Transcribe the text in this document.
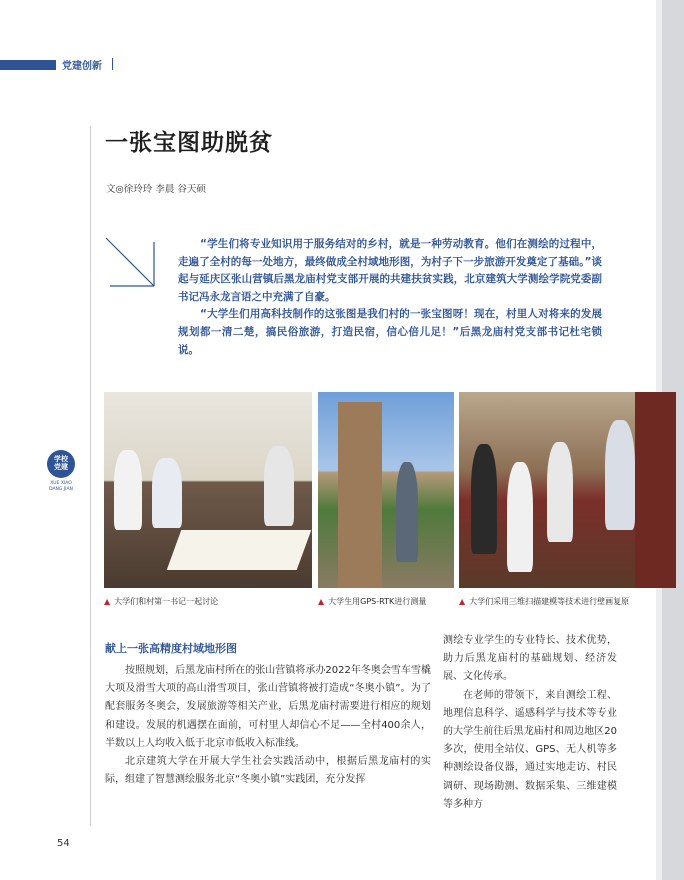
党建创新
一张宝图助脱贫
文◎徐玲玲 李晨 谷天硕

“学生们将专业知识用于服务结对的乡村，就是一种劳动教育。他们在测绘的过程中，走遍了全村的每一处地方，最终做成全村域地形图，为村子下一步旅游开发奠定了基础。”谈起与延庆区张山营镇后黑龙庙村党支部开展的共建扶贫实践，北京建筑大学测绘学院党委副书记冯永龙言语之中充满了自豪。

“大学生们用高科技制作的这张图是我们村的一张宝图呀！现在，村里人对将来的发展规划都一清二楚，搞民俗旅游，打造民宿，信心倍儿足！”后黑龙庙村党支部书记杜宅锁说。

学校
党建
XUE XIAO
DANG JIAN
▲ 大学们和村第一书记一起讨论	▲ 大学生用GPS-RTK进行测量	▲ 大学们采用三维扫描建模等技术进行壁画复原
献上一张高精度村域地形图

按照规划，后黑龙庙村所在的张山营镇将承办2022年冬奥会雪车雪橇大项及滑雪大项的高山滑雪项目，张山营镇将被打造成“冬奥小镇”。为了配套服务冬奥会，发展旅游等相关产业，后黑龙庙村需要进行相应的规划和建设。发展的机遇摆在面前，可村里人却信心不足——全村400余人，半数以上人均收入低于北京市低收入标准线。

北京建筑大学在开展大学生社会实践活动中，根据后黑龙庙村的实际，组建了智慧测绘服务北京“冬奥小镇”实践团，充分发挥

测绘专业学生的专业特长、技术优势，助力后黑龙庙村的基础规划、经济发展、文化传承。

在老师的带领下，来自测绘工程、地理信息科学、遥感科学与技术等专业的大学生前往后黑龙庙村和周边地区20多次，使用全站仪、GPS、无人机等多种测绘设备仪器，通过实地走访、村民调研、现场勘测、数据采集、三维建模等多种方

54
